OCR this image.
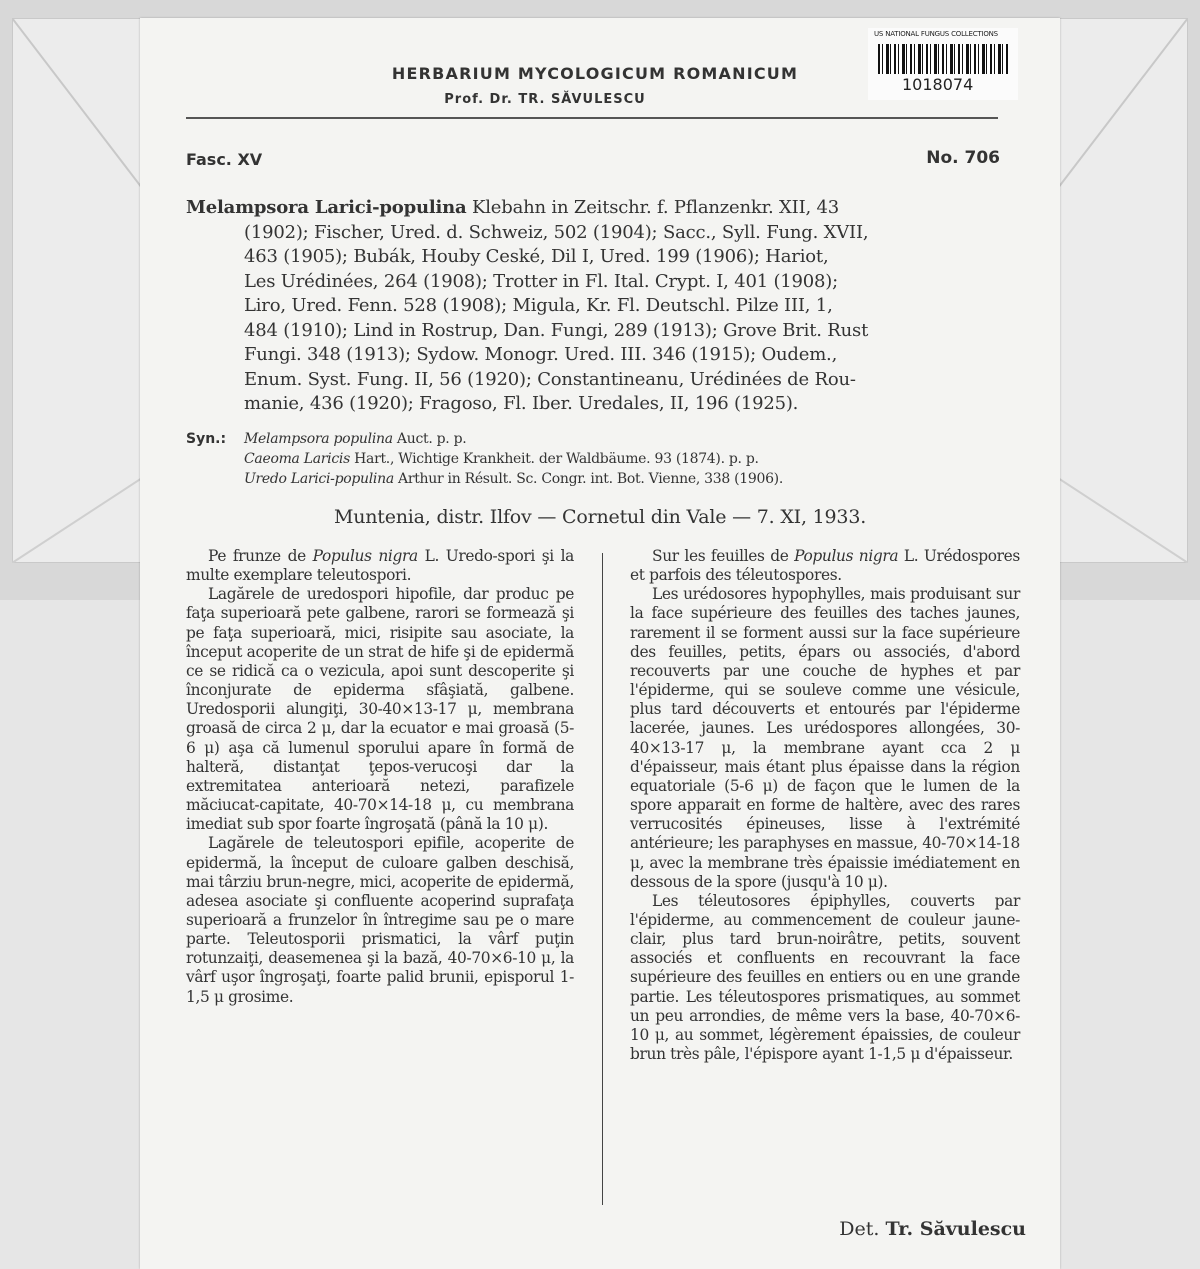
US NATIONAL FUNGUS COLLECTIONS
1018074
HERBARIUM MYCOLOGICUM ROMANICUM
Prof. Dr. TR. SĂVULESCU
Fasc. XV	No. 706
Melampsora Larici-populina Klebahn in Zeitschr. f. Pflanzenkr. XII, 43
(1902); Fischer, Ured. d. Schweiz, 502 (1904); Sacc., Syll. Fung. XVII,
463 (1905); Bubák, Houby Ceské, Dil I, Ured. 199 (1906); Hariot,
Les Urédinées, 264 (1908); Trotter in Fl. Ital. Crypt. I, 401 (1908);
Liro, Ured. Fenn. 528 (1908); Migula, Kr. Fl. Deutschl. Pilze III, 1,
484 (1910); Lind in Rostrup, Dan. Fungi, 289 (1913); Grove Brit. Rust
Fungi. 348 (1913); Sydow. Monogr. Ured. III. 346 (1915); Oudem.,
Enum. Syst. Fung. II, 56 (1920); Constantineanu, Urédinées de Rou-
manie, 436 (1920); Fragoso, Fl. Iber. Uredales, II, 196 (1925).
Syn.: Melampsora populina Auct. p. p.
Caeoma Laricis Hart., Wichtige Krankheit. der Waldbäume. 93 (1874). p. p.
Uredo Larici-populina Arthur in Résult. Sc. Congr. int. Bot. Vienne, 338 (1906).
Muntenia, distr. Ilfov — Cornetul din Vale — 7. XI, 1933.

Pe frunze de Populus nigra L. Uredo-spori şi la multe exemplare teleutospori.

Lagărele de uredospori hipofile, dar produc pe faţa superioară pete galbene, rarori se formează şi pe faţa superioară, mici, risipite sau asociate, la început acoperite de un strat de hife şi de epidermă ce se ridică ca o vezicula, apoi sunt descoperite şi înconjurate de epiderma sfâşiată, galbene. Uredosporii alungiţi, 30-40×13-17 μ, membrana groasă de circa 2 μ, dar la ecuator e mai groasă (5-6 μ) aşa că lumenul sporului apare în formă de halteră, distanţat ţepos-verucoşi dar la extremitatea anterioară netezi, parafizele măciucat-capitate, 40-70×14-18 μ, cu membrana imediat sub spor foarte îngroşată (până la 10 μ).

Lagărele de teleutospori epifile, acoperite de epidermă, la început de culoare galben deschisă, mai târziu brun-negre, mici, acoperite de epidermă, adesea asociate şi confluente acoperind suprafaţa superioară a frunzelor în întregime sau pe o mare parte. Teleutosporii prismatici, la vârf puţin rotunzaiţi, deasemenea şi la bază, 40-70×6-10 μ, la vârf uşor îngroşaţi, foarte palid brunii, episporul 1-1,5 μ grosime.

Sur les feuilles de Populus nigra L. Urédospores et parfois des téleutospores.

Les urédosores hypophylles, mais produisant sur la face supérieure des feuilles des taches jaunes, rarement il se forment aussi sur la face supérieure des feuilles, petits, épars ou associés, d'abord recouverts par une couche de hyphes et par l'épiderme, qui se souleve comme une vésicule, plus tard découverts et entourés par l'épiderme lacerée, jaunes. Les urédospores allongées, 30-40×13-17 μ, la membrane ayant cca 2 μ d'épaisseur, mais étant plus épaisse dans la région equatoriale (5-6 μ) de façon que le lumen de la spore apparait en forme de haltère, avec des rares verrucosités épineuses, lisse à l'extrémité antérieure; les paraphyses en massue, 40-70×14-18 μ, avec la membrane très épaissie imédiatement en dessous de la spore (jusqu'à 10 μ).

Les téleutosores épiphylles, couverts par l'épiderme, au commencement de couleur jaune-clair, plus tard brun-noirâtre, petits, souvent associés et confluents en recouvrant la face supérieure des feuilles en entiers ou en une grande partie. Les téleutospores prismatiques, au sommet un peu arrondies, de même vers la base, 40-70×6-10 μ, au sommet, légèrement épaissies, de couleur brun très pâle, l'épispore ayant 1-1,5 μ d'épaisseur.

Det. Tr. Săvulescu
